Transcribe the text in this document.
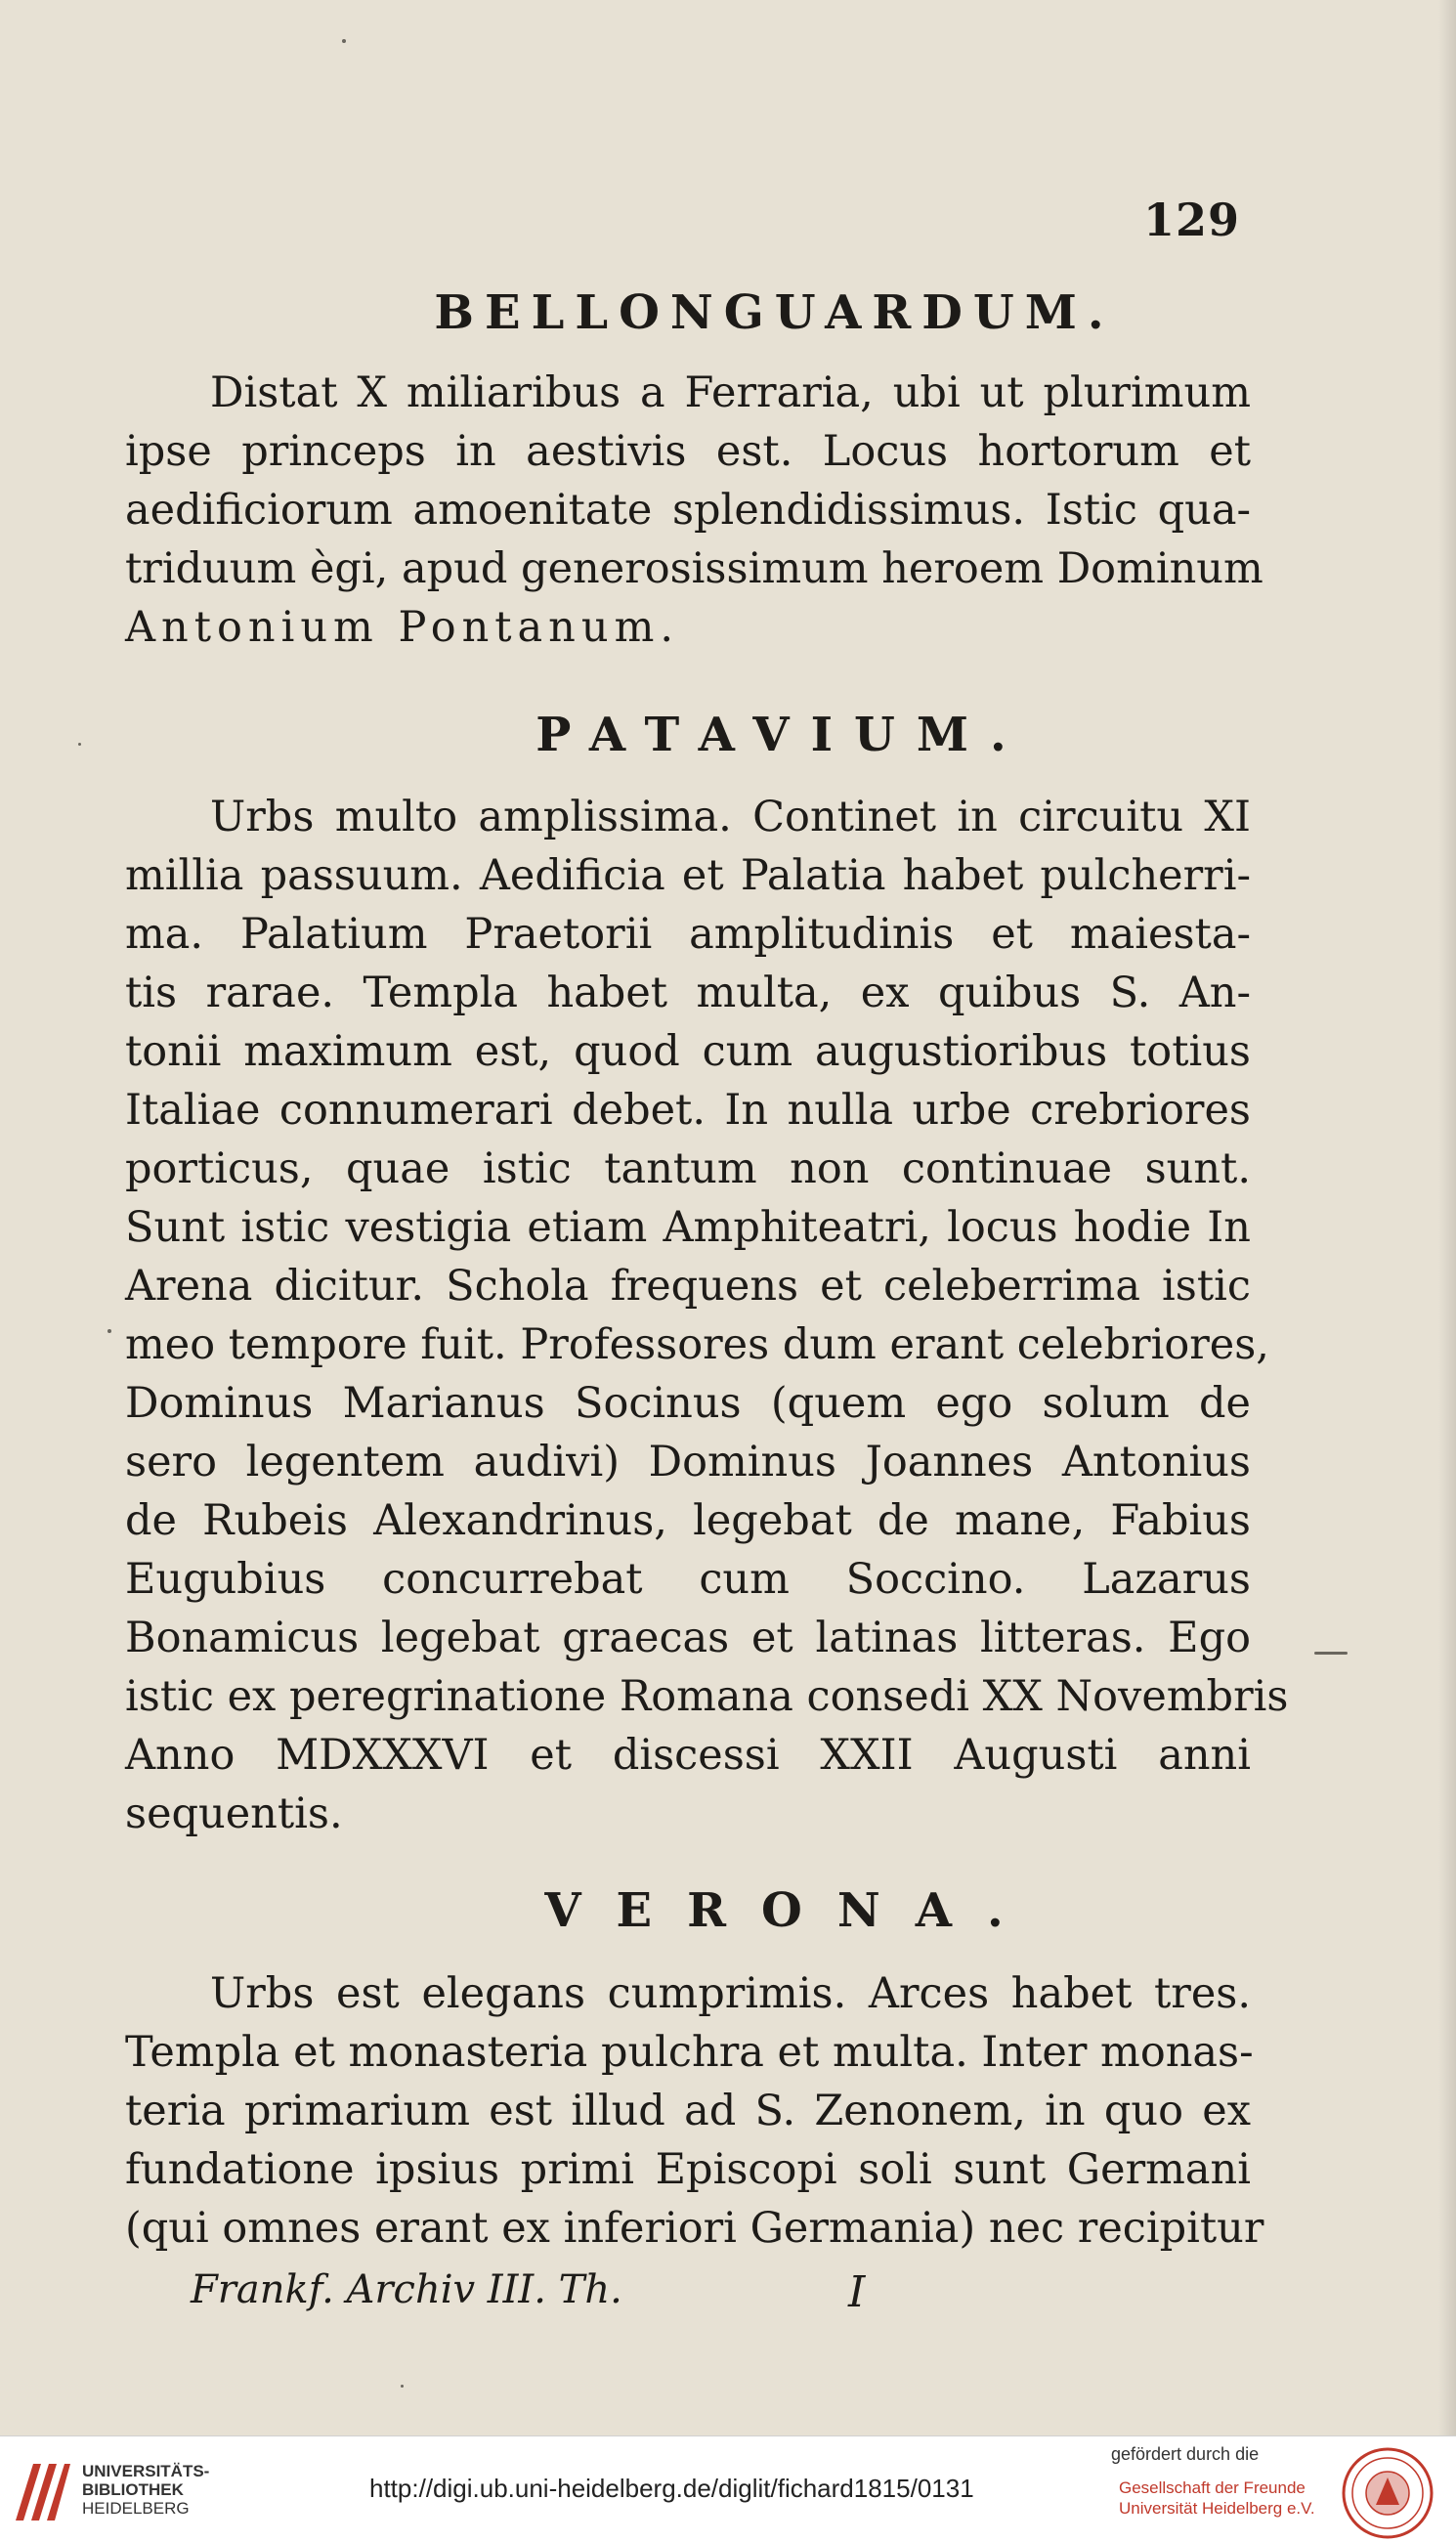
129
BELLONGUARDUM.
Distat X miliaribus a Ferraria, ubi ut plurimum
ipse princeps in aestivis est. Locus hortorum et
aedificiorum amoenitate splendidissimus. Istic qua-
triduum ègi, apud generosissimum heroem Dominum
Antonium Pontanum.
PATAVIUM.
Urbs multo amplissima. Continet in circuitu XI
millia passuum. Aedificia et Palatia habet pulcherri-
ma. Palatium Praetorii amplitudinis et maiesta-
tis rarae. Templa habet multa, ex quibus S. An-
tonii maximum est, quod cum augustioribus totius
Italiae connumerari debet. In nulla urbe crebriores
porticus, quae istic tantum non continuae sunt.
Sunt istic vestigia etiam Amphiteatri, locus hodie In
Arena dicitur. Schola frequens et celeberrima istic
meo tempore fuit. Professores dum erant celebriores,
Dominus Marianus Socinus (quem ego solum de
sero legentem audivi) Dominus Joannes Antonius
de Rubeis Alexandrinus, legebat de mane, Fabius
Eugubius concurrebat cum Soccino. Lazarus
Bonamicus legebat graecas et latinas litteras. Ego
istic ex peregrinatione Romana consedi XX Novembris
Anno MDXXXVI et discessi XXII Augusti anni
sequentis.
VERONA.
Urbs est elegans cumprimis. Arces habet tres.
Templa et monasteria pulchra et multa. Inter monas-
teria primarium est illud ad S. Zenonem, in quo ex
fundatione ipsius primi Episcopi soli sunt Germani
(qui omnes erant ex inferiori Germania) nec recipitur
Frankf. Archiv III. Th.	I
UNIVERSITÄTS-
BIBLIOTHEK
HEIDELBERG
http://digi.ub.uni-heidelberg.de/diglit/fichard1815/0131
gefördert durch die
Gesellschaft der Freunde
Universität Heidelberg e.V.
